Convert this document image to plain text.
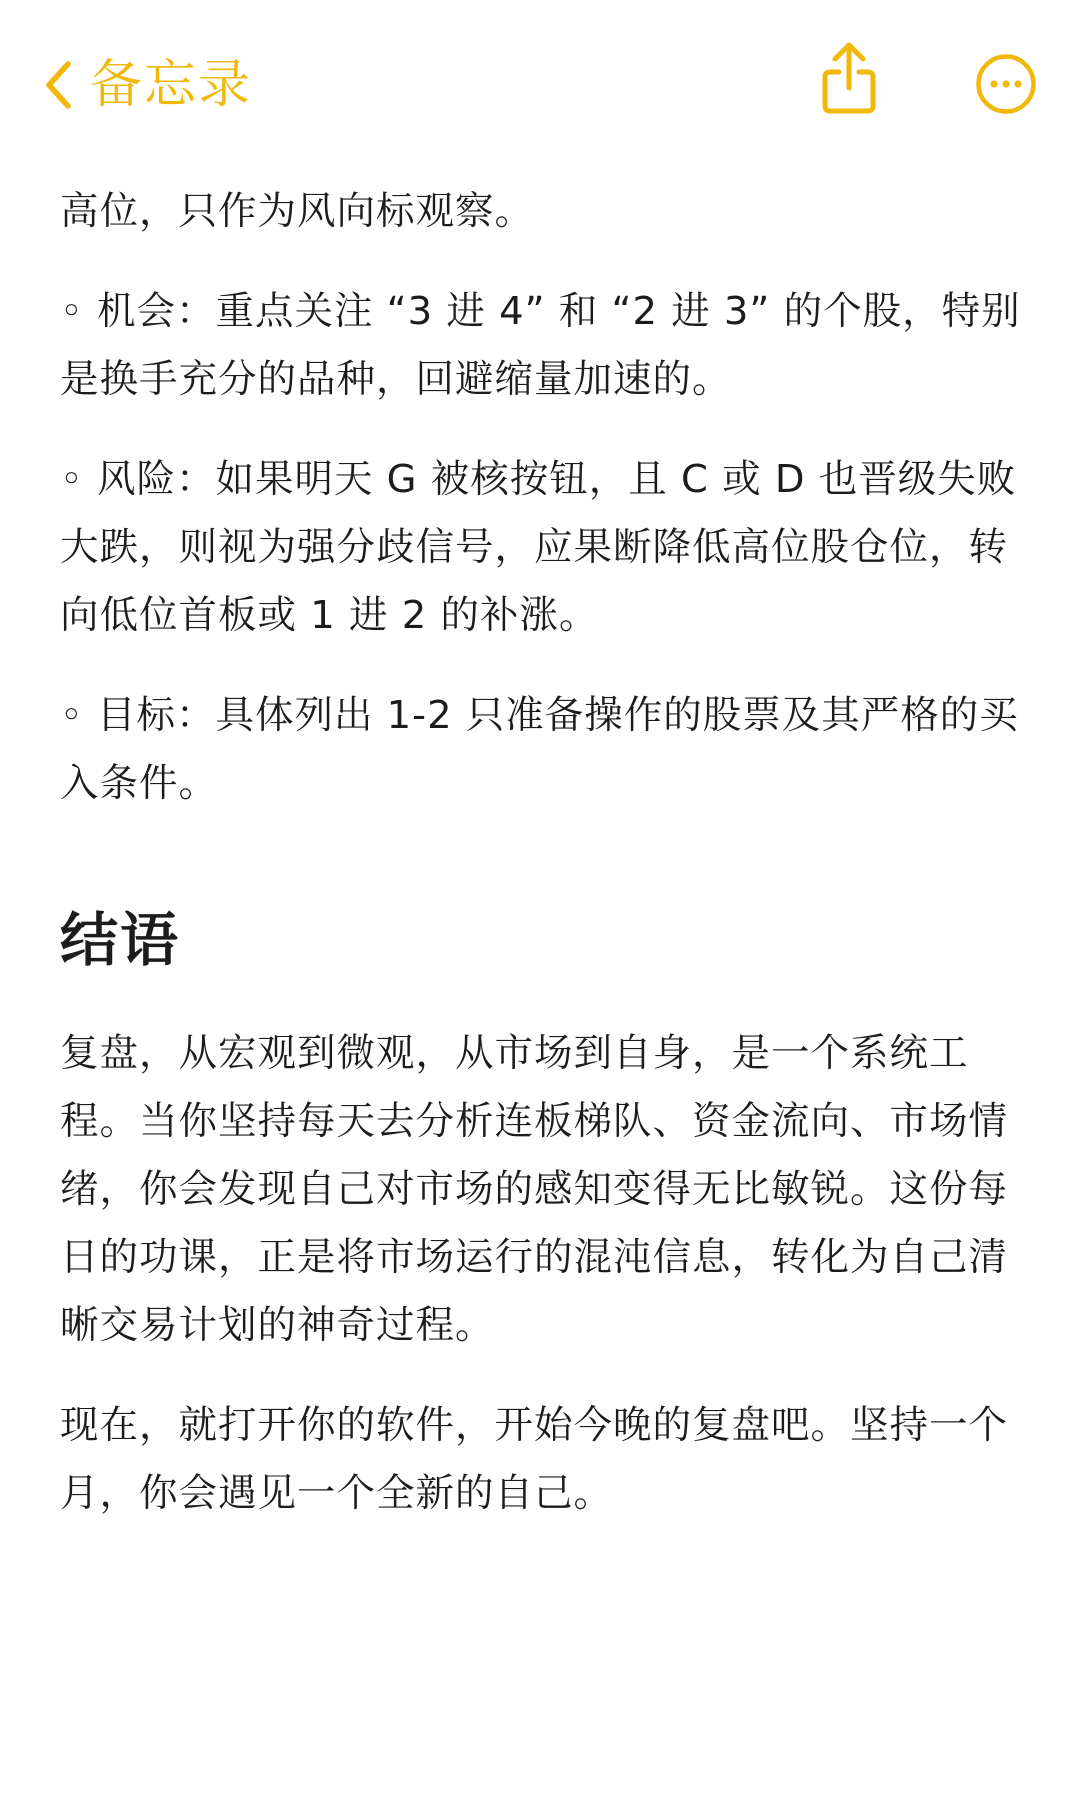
备忘录

高位，只作为风向标观察。

◦ 机会：重点关注 “3 进 4” 和 “2 进 3” 的个股，特别是换手充分的品种，回避缩量加速的。

◦ 风险：如果明天 G 被核按钮，且 C 或 D 也晋级失败大跌，则视为强分歧信号，应果断降低高位股仓位，转向低位首板或 1 进 2 的补涨。

◦ 目标：具体列出 1-2 只准备操作的股票及其严格的买入条件。

结语

复盘，从宏观到微观，从市场到自身，是一个系统工程。当你坚持每天去分析连板梯队、资金流向、市场情绪，你会发现自己对市场的感知变得无比敏锐。这份每日的功课，正是将市场运行的混沌信息，转化为自己清晰交易计划的神奇过程。

现在，就打开你的软件，开始今晚的复盘吧。坚持一个月，你会遇见一个全新的自己。
